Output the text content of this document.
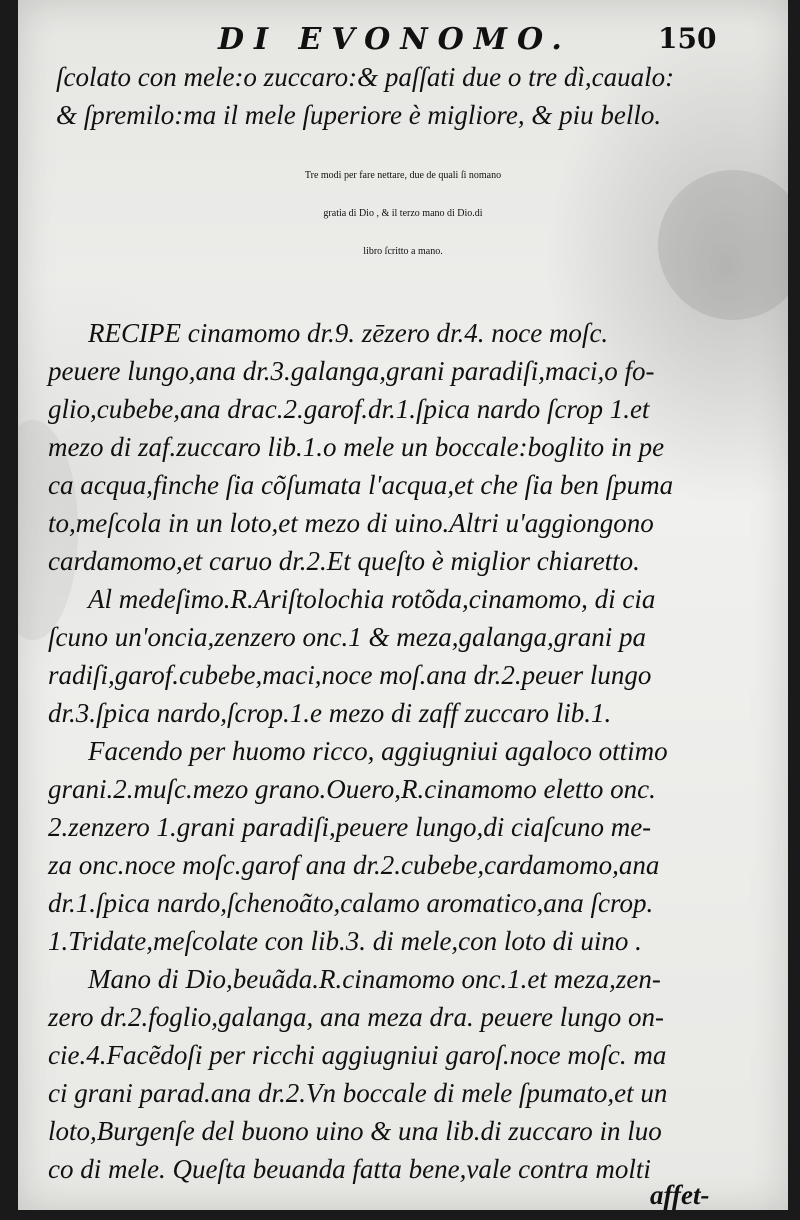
DI EVONOMO.	150
ſcolato con mele:o zuccaro:& paſſati due o tre dì,caualo:
& ſpremilo:ma il mele ſuperiore è migliore, & piu bello.
Tre modi per fare nettare, due de quali ſi nomano
gratia di Dio , & il terzo mano di Dio.di
libro ſcritto a mano.
RECIPE cinamomo dr.9. zēzero dr.4. noce moſc.
peuere lungo,ana dr.3.galanga,grani paradiſi,maci,o fo-
glio,cubebe,ana drac.2.garof.dr.1.ſpica nardo ſcrop 1.et
mezo di zaf.zuccaro lib.1.o mele un boccale:boglito in pe
ca acqua,finche ſia cõſumata l'acqua,et che ſia ben ſpuma
to,meſcola in un loto,et mezo di uino.Altri u'aggiongono
cardamomo,et caruo dr.2.Et queſto è miglior chiaretto.
Al medeſimo.R.Ariſtolochia rotõda,cinamomo, di cia
ſcuno un'oncia,zenzero onc.1 & meza,galanga,grani pa
radiſi,garof.cubebe,maci,noce moſ.ana dr.2.peuer lungo
dr.3.ſpica nardo,ſcrop.1.e mezo di zaff zuccaro lib.1.
Facendo per huomo ricco, aggiugniui agaloco ottimo
grani.2.muſc.mezo grano.Ouero,R.cinamomo eletto onc.
2.zenzero 1.grani paradiſi,peuere lungo,di ciaſcuno me-
za onc.noce moſc.garof ana dr.2.cubebe,cardamomo,ana
dr.1.ſpica nardo,ſchenoãto,calamo aromatico,ana ſcrop.
1.Tridate,meſcolate con lib.3. di mele,con loto di uino .
Mano di Dio,beuãda.R.cinamomo onc.1.et meza,zen-
zero dr.2.foglio,galanga, ana meza dra. peuere lungo on-
cie.4.Facẽdoſi per ricchi aggiugniui garoſ.noce moſc. ma
ci grani parad.ana dr.2.Vn boccale di mele ſpumato,et un
loto,Burgenſe del buono uino & una lib.di zuccaro in luo
co di mele. Queſta beuanda fatta bene,vale contra molti
affet-
